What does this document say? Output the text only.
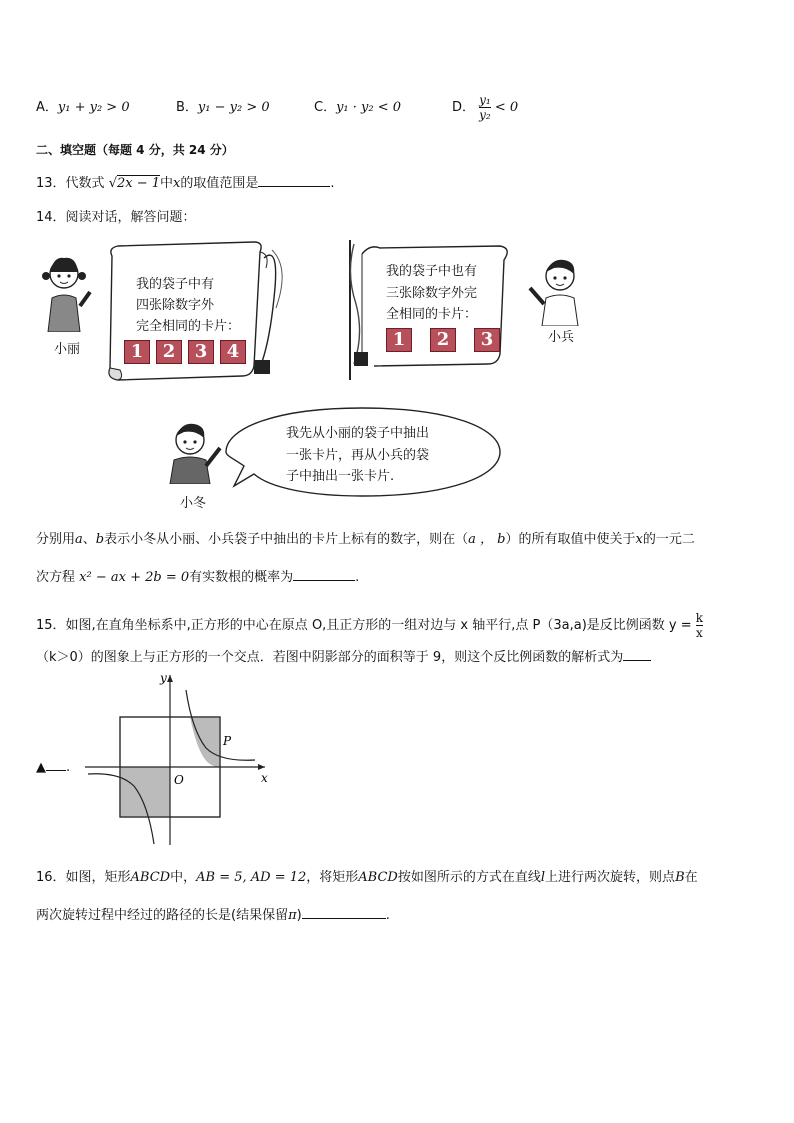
A．y₁ + y₂ > 0	B．y₁ − y₂ > 0	C．y₁ · y₂ < 0	D． $\frac{\text{y₁}}{\text{y₂}} < 0$
二、填空题（每题 4 分，共 24 分）
13．代数式 √2x − 1中x的取值范围是	.
14．阅读对话，解答问题：
小丽
我的袋子中有
四张除数字外
完全相同的卡片：
1	2	3	4
我的袋子中也有
三张除数字外完
全相同的卡片：
1	2	3	小兵
小冬
我先从小丽的袋子中抽出
一张卡片，再从小兵的袋
子中抽出一张卡片.
分别用a、b表示小冬从小丽、小兵袋子中抽出的卡片上标有的数字，则在（a ， b）的所有取值中使关于x的一元二
次方程 x² − ax + 2b = 0有实数根的概率为	.
15．如图,在直角坐标系中,正方形的中心在原点 O,且正方形的一组对边与 x 轴平行,点 P（3a,a)是反比例函数 $y = \frac{k}{x}$
（k＞0）的图象上与正方形的一个交点．若图中阴影部分的面积等于 9，则这个反比例函数的解析式为
▲ .
y
x
O
P
16．如图，矩形ABCD中，AB = 5, AD = 12，将矩形ABCD按如图所示的方式在直线l上进行两次旋转，则点B在
两次旋转过程中经过的路径的长是(结果保留π)	.
